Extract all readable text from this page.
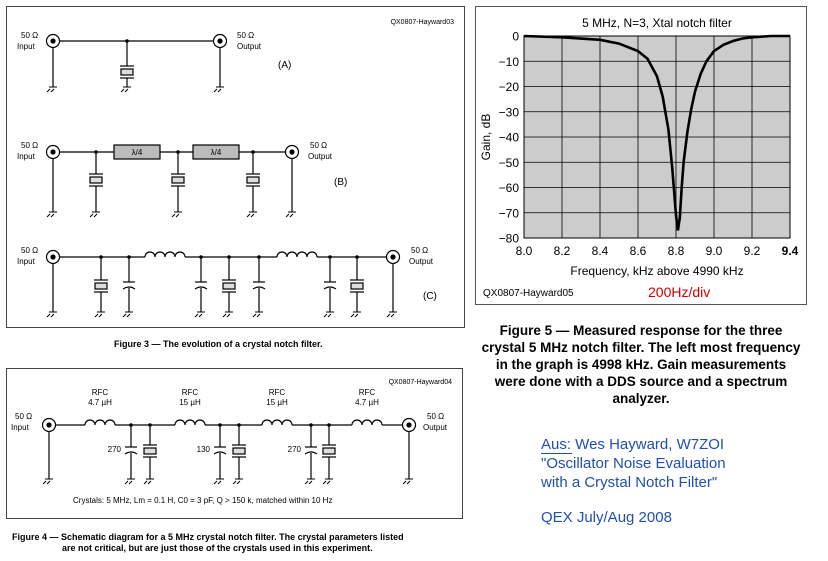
QX0807-Hayward03
50 Ω
Input
50 Ω
Output
(A)
50 Ω
Input
50 Ω
Output
λ/4	λ/4
(B)
50 Ω
Input
50 Ω
Output
(C)
Figure 3 — The evolution of a crystal notch filter.
QX0807-Hayward04
50 Ω
Input
50 Ω
Output
RFC
4.7 µH
RFC
15 µH
RFC
15 µH
RFC
4.7 µH
270	130	270
Crystals: 5 MHz, Lm = 0.1 H, C0 = 3 pF, Q > 150 k, matched within 10 Hz
Figure 4 — Schematic diagram for a 5 MHz crystal notch filter. The crystal parameters listed
are not critical, but are just those of the crystals used in this experiment.
0
−10
−20
−30
−40
−50
−60
−70
−80
8.0 8.2 8.4 8.6 8.8 9.0 9.2 9.4
5 MHz, N=3, Xtal notch filter
Frequency, kHz above 4990 kHz
Gain, dB
QX0807-Hayward05	200Hz/div
Figure 5 — Measured response for the three crystal 5 MHz notch filter. The left most frequency in the graph is 4998 kHz. Gain measurements were done with a DDS source and a spectrum analyzer.
Aus: Wes Hayward, W7ZOI
"Oscillator Noise Evaluation
with a Crystal Notch Filter"
QEX July/Aug 2008
